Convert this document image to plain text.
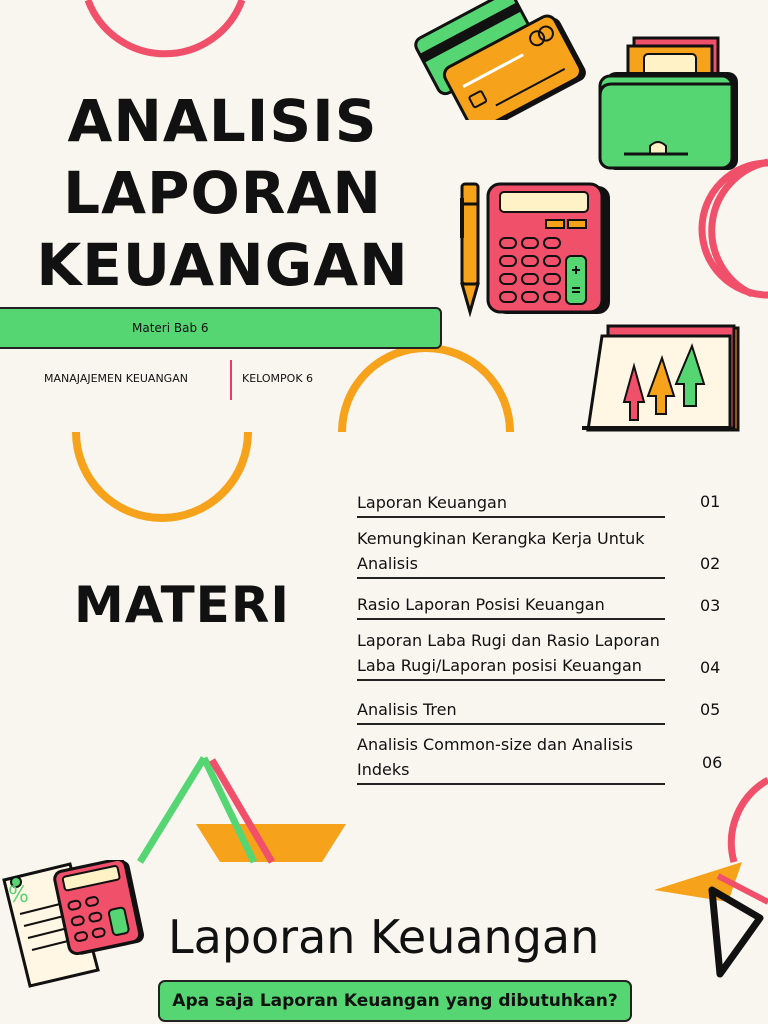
%
ANALISIS
LAPORAN
KEUANGAN
Materi Bab 6
MANAJAJEMEN KEUANGAN	KELOMPOK 6
MATERI
Laporan Keuangan	01
Kemungkinan Kerangka Kerja Untuk Analisis	02
Rasio Laporan Posisi Keuangan	03
Laporan Laba Rugi dan Rasio Laporan Laba Rugi/Laporan posisi Keuangan	04
Analisis Tren	05
Analisis Common-size dan Analisis Indeks	06
Laporan Keuangan
Apa saja Laporan Keuangan yang dibutuhkan?
